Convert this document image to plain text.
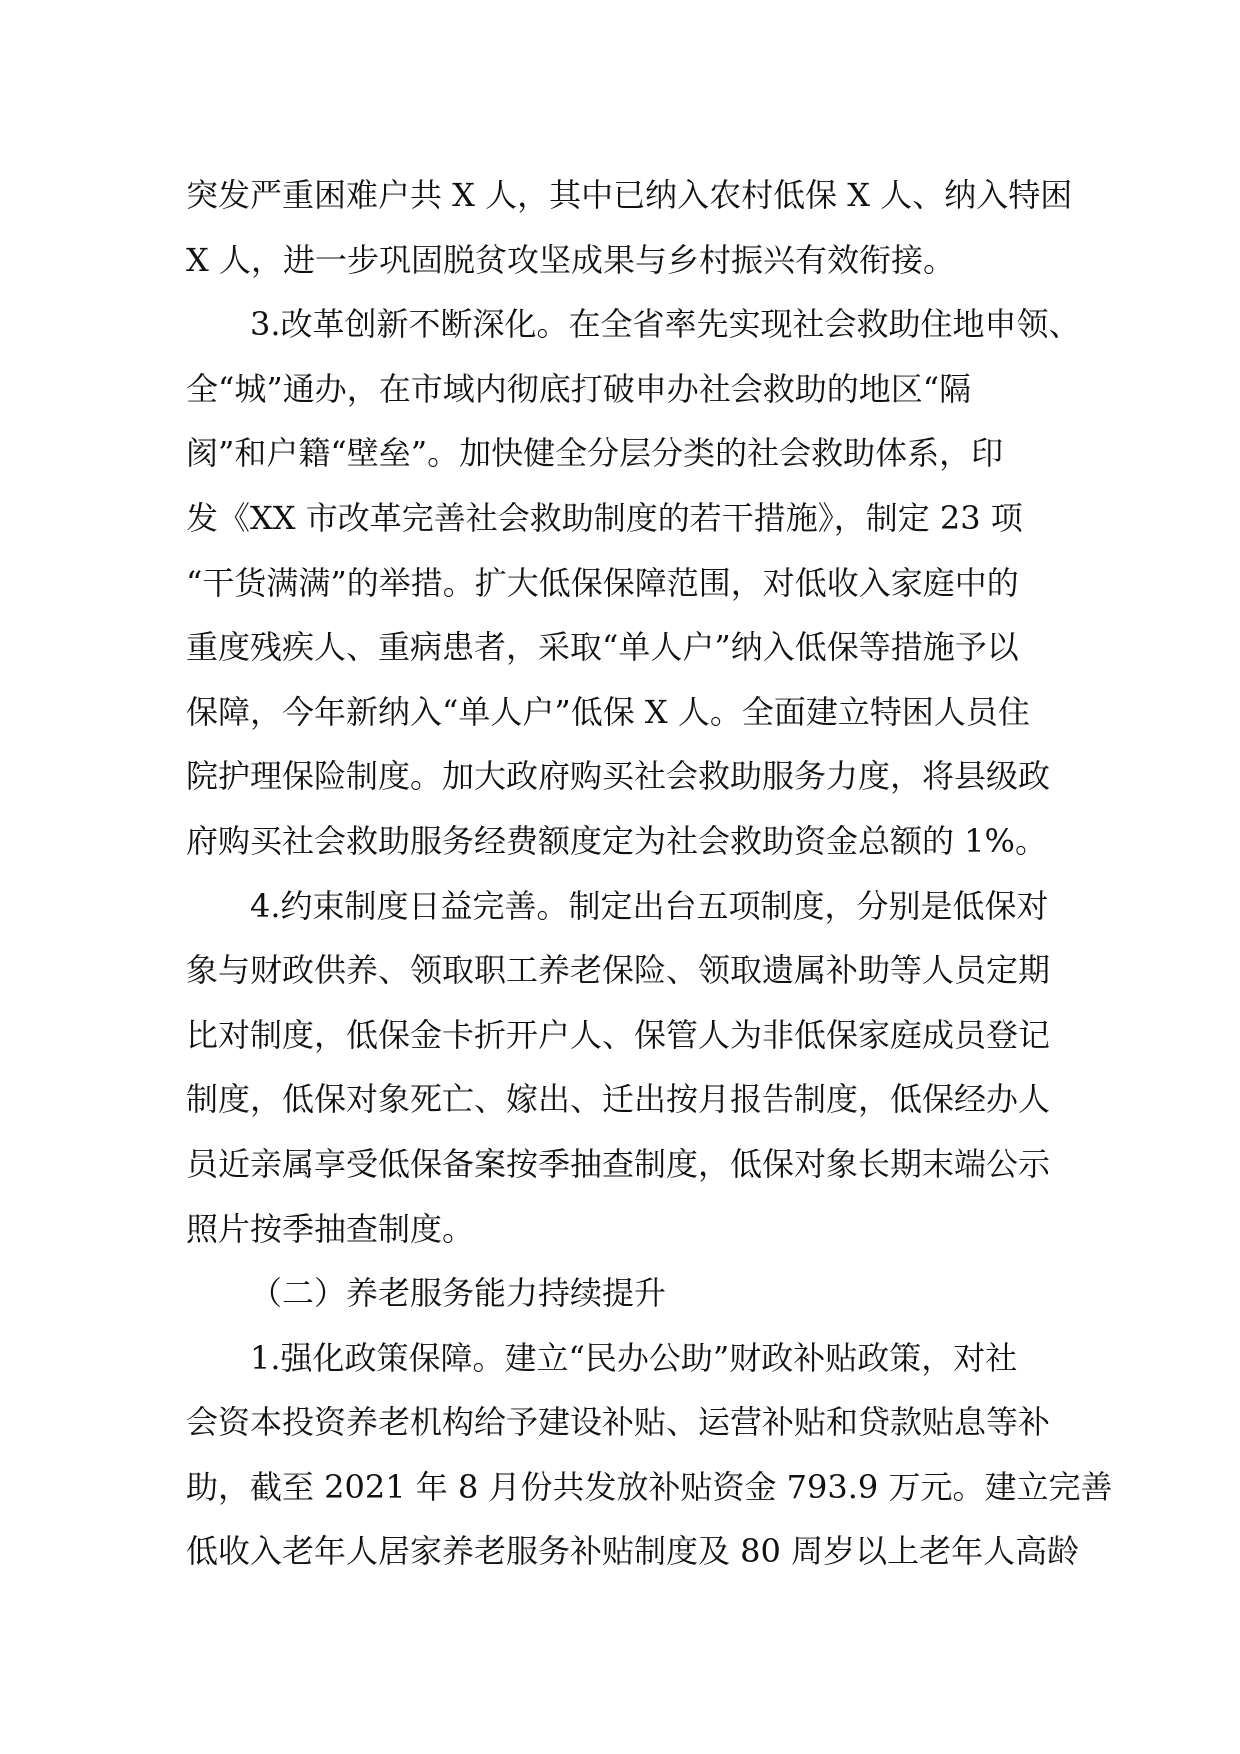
突发严重困难户共 X 人，其中已纳入农村低保 X 人、纳入特困
X 人，进一步巩固脱贫攻坚成果与乡村振兴有效衔接。
3.改革创新不断深化。在全省率先实现社会救助住地申领、
全“城”通办，在市域内彻底打破申办社会救助的地区“隔
阂”和户籍“壁垒”。加快健全分层分类的社会救助体系，印
发《XX 市改革完善社会救助制度的若干措施》，制定 23 项
“干货满满”的举措。扩大低保保障范围，对低收入家庭中的
重度残疾人、重病患者，采取“单人户”纳入低保等措施予以
保障，今年新纳入“单人户”低保 X 人。全面建立特困人员住
院护理保险制度。加大政府购买社会救助服务力度，将县级政
府购买社会救助服务经费额度定为社会救助资金总额的 1%。
4.约束制度日益完善。制定出台五项制度，分别是低保对
象与财政供养、领取职工养老保险、领取遗属补助等人员定期
比对制度，低保金卡折开户人、保管人为非低保家庭成员登记
制度，低保对象死亡、嫁出、迁出按月报告制度，低保经办人
员近亲属享受低保备案按季抽查制度，低保对象长期末端公示
照片按季抽查制度。
（二）养老服务能力持续提升
1.强化政策保障。建立“民办公助”财政补贴政策，对社
会资本投资养老机构给予建设补贴、运营补贴和贷款贴息等补
助，截至 2021 年 8 月份共发放补贴资金 793.9 万元。建立完善
低收入老年人居家养老服务补贴制度及 80 周岁以上老年人高龄
